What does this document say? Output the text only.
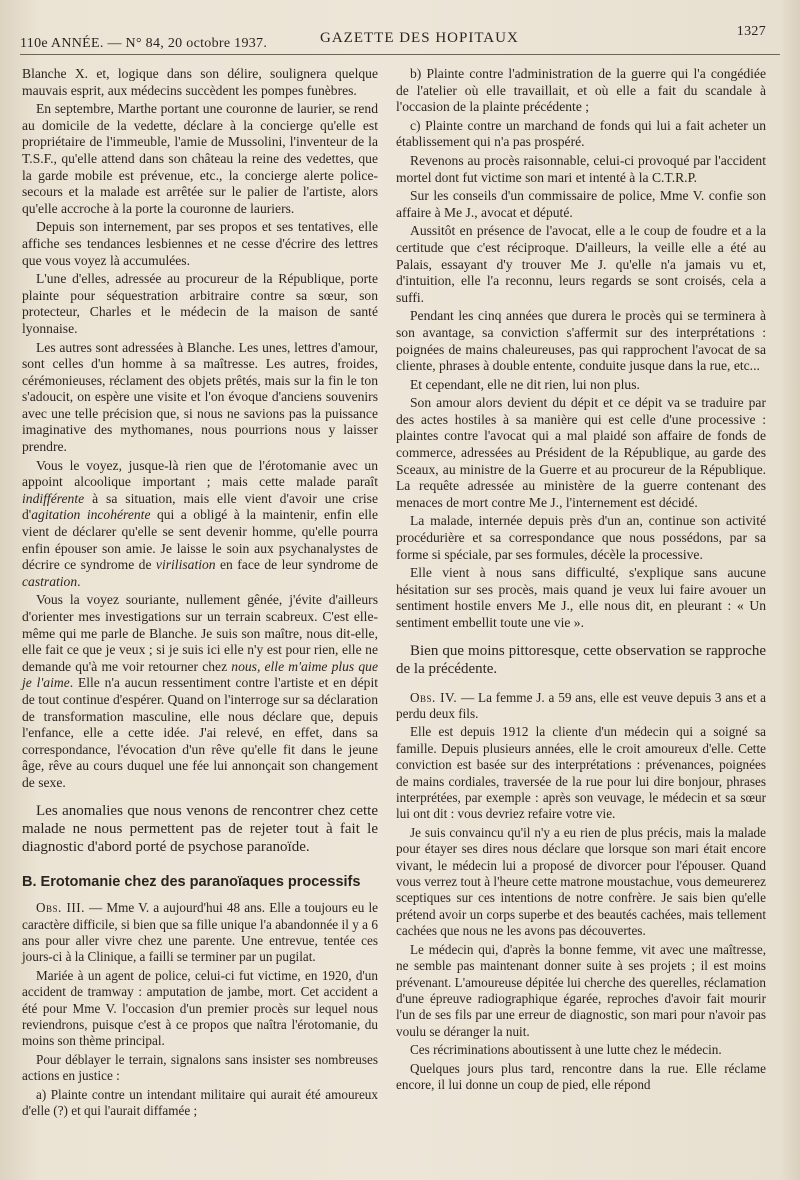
110e ANNÉE. — N° 84, 20 octobre 1937.	GAZETTE DES HOPITAUX	1327

Blanche X. et, logique dans son délire, soulignera quelque mauvais esprit, aux médecins succèdent les pompes funèbres.

En septembre, Marthe portant une couronne de laurier, se rend au domicile de la vedette, déclare à la concierge qu'elle est propriétaire de l'immeuble, l'amie de Mussolini, l'inventeur de la T.S.F., qu'elle attend dans son château la reine des vedettes, que la garde mobile est prévenue, etc., la concierge alerte police-secours et la malade est arrêtée sur le palier de l'artiste, alors qu'elle accroche à la porte la couronne de lauriers.

Depuis son internement, par ses propos et ses tentatives, elle affiche ses tendances lesbiennes et ne cesse d'écrire des lettres que vous voyez là accumulées.

L'une d'elles, adressée au procureur de la République, porte plainte pour séquestration arbitraire contre sa sœur, son protecteur, Charles et le médecin de la maison de santé lyonnaise.

Les autres sont adressées à Blanche. Les unes, lettres d'amour, sont celles d'un homme à sa maîtresse. Les autres, froides, cérémonieuses, réclament des objets prêtés, mais sur la fin le ton s'adoucit, on espère une visite et l'on évoque d'anciens souvenirs avec une telle précision que, si nous ne savions pas la puissance imaginative des mythomanes, nous pourrions nous y laisser prendre.

Vous le voyez, jusque-là rien que de l'érotomanie avec un appoint alcoolique important ; mais cette malade paraît indifférente à sa situation, mais elle vient d'avoir une crise d'agitation incohérente qui a obligé à la maintenir, enfin elle vient de déclarer qu'elle se sent devenir homme, qu'elle pourra enfin épouser son amie. Je laisse le soin aux psychanalystes de décrire ce syndrome de virilisation en face de leur syndrome de castration.

Vous la voyez souriante, nullement gênée, j'évite d'ailleurs d'orienter mes investigations sur un terrain scabreux. C'est elle-même qui me parle de Blanche. Je suis son maître, nous dit-elle, elle fait ce que je veux ; si je suis ici elle n'y est pour rien, elle ne demande qu'à me voir retourner chez nous, elle m'aime plus que je l'aime. Elle n'a aucun ressentiment contre l'artiste et en dépit de tout continue d'espérer. Quand on l'interroge sur sa déclaration de transformation masculine, elle nous déclare que, depuis l'enfance, elle a cette idée. J'ai relevé, en effet, dans sa correspondance, l'évocation d'un rêve qu'elle fit dans le jeune âge, rêve au cours duquel une fée lui annonçait son changement de sexe.

Les anomalies que nous venons de rencontrer chez cette malade ne nous permettent pas de rejeter tout à fait le diagnostic d'abord porté de psychose paranoïde.

B. Erotomanie chez des paranoïaques processifs

Obs. III. — Mme V. a aujourd'hui 48 ans. Elle a toujours eu le caractère difficile, si bien que sa fille unique l'a abandonnée il y a 6 ans pour aller vivre chez une parente. Une entrevue, tentée ces jours-ci à la Clinique, a failli se terminer par un pugilat.

Mariée à un agent de police, celui-ci fut victime, en 1920, d'un accident de tramway : amputation de jambe, mort. Cet accident a été pour Mme V. l'occasion d'un premier procès sur lequel nous reviendrons, puisque c'est à ce propos que naîtra l'érotomanie, du moins son thème principal.

Pour déblayer le terrain, signalons sans insister ses nombreuses actions en justice :

a) Plainte contre un intendant militaire qui aurait été amoureux d'elle (?) et qui l'aurait diffamée ;

b) Plainte contre l'administration de la guerre qui l'a congédiée de l'atelier où elle travaillait, et où elle a fait du scandale à l'occasion de la plainte précédente ;

c) Plainte contre un marchand de fonds qui lui a fait acheter un établissement qui n'a pas prospéré.

Revenons au procès raisonnable, celui-ci provoqué par l'accident mortel dont fut victime son mari et intenté à la C.T.R.P.

Sur les conseils d'un commissaire de police, Mme V. confie son affaire à Me J., avocat et député.

Aussitôt en présence de l'avocat, elle a le coup de foudre et a la certitude que c'est réciproque. D'ailleurs, la veille elle a été au Palais, essayant d'y trouver Me J. qu'elle n'a jamais vu et, d'intuition, elle l'a reconnu, leurs regards se sont croisés, cela a suffi.

Pendant les cinq années que durera le procès qui se terminera à son avantage, sa conviction s'affermit sur des interprétations : poignées de mains chaleureuses, pas qui rapprochent l'avocat de sa cliente, phrases à double entente, conduite jusque dans la rue, etc...

Et cependant, elle ne dit rien, lui non plus.

Son amour alors devient du dépit et ce dépit va se traduire par des actes hostiles à sa manière qui est celle d'une processive : plaintes contre l'avocat qui a mal plaidé son affaire de fonds de commerce, adressées au Président de la République, au garde des Sceaux, au ministre de la Guerre et au procureur de la République. La requête adressée au ministère de la guerre contenant des menaces de mort contre Me J., l'internement est décidé.

La malade, internée depuis près d'un an, continue son activité procédurière et sa correspondance que nous possédons, par sa forme si spéciale, par ses formules, décèle la processive.

Elle vient à nous sans difficulté, s'explique sans aucune hésitation sur ses procès, mais quand je veux lui faire avouer un sentiment hostile envers Me J., elle nous dit, en pleurant : « Un sentiment embellit toute une vie ».

Bien que moins pittoresque, cette observation se rapproche de la précédente.

Obs. IV. — La femme J. a 59 ans, elle est veuve depuis 3 ans et a perdu deux fils.

Elle est depuis 1912 la cliente d'un médecin qui a soigné sa famille. Depuis plusieurs années, elle le croit amoureux d'elle. Cette conviction est basée sur des interprétations : prévenances, poignées de mains cordiales, traversée de la rue pour lui dire bonjour, phrases interprétées, par exemple : après son veuvage, le médecin et sa sœur lui ont dit : vous devriez refaire votre vie.

Je suis convaincu qu'il n'y a eu rien de plus précis, mais la malade pour étayer ses dires nous déclare que lorsque son mari était encore vivant, le médecin lui a proposé de divorcer pour l'épouser. Quand vous verrez tout à l'heure cette matrone moustachue, vous demeurerez sceptiques sur ces intentions de notre confrère. Je sais bien qu'elle prétend avoir un corps superbe et des beautés cachées, mais tellement cachées que nous ne les avons pas découvertes.

Le médecin qui, d'après la bonne femme, vit avec une maîtresse, ne semble pas maintenant donner suite à ses projets ; il est moins prévenant. L'amoureuse dépitée lui cherche des querelles, réclamation d'une épreuve radiographique égarée, reproches d'avoir fait mourir l'un de ses fils par une erreur de diagnostic, son mari pour n'avoir pas voulu se déranger la nuit.

Ces récriminations aboutissent à une lutte chez le médecin.

Quelques jours plus tard, rencontre dans la rue. Elle réclame encore, il lui donne un coup de pied, elle répond
